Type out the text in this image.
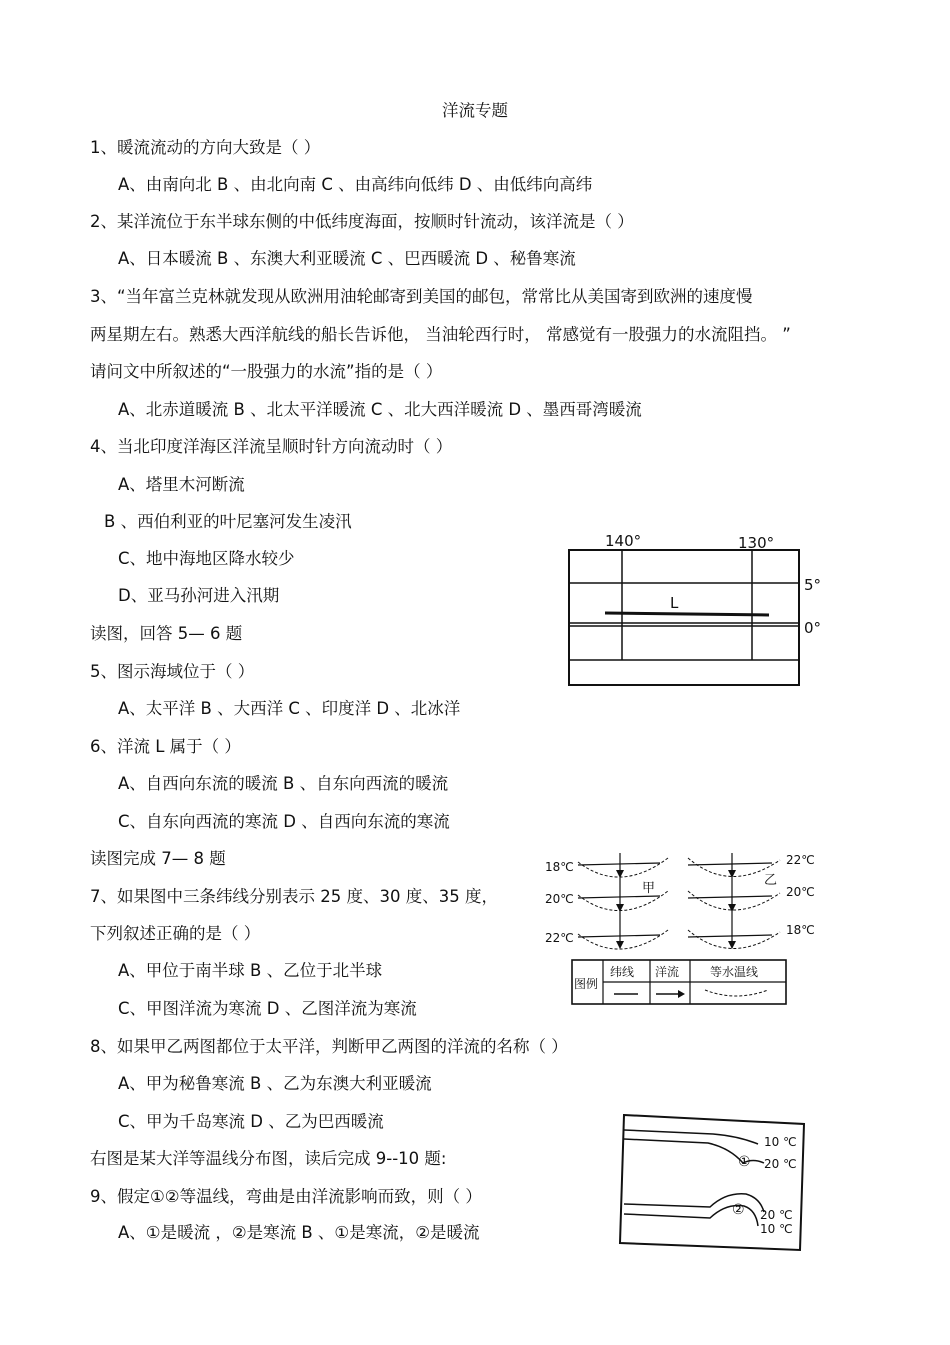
洋流专题
1、暖流流动的方向大致是（ ）
A、由南向北 B 、由北向南 C 、由高纬向低纬 D 、由低纬向高纬
2、某洋流位于东半球东侧的中低纬度海面，按顺时针流动，该洋流是（ ）
A、日本暖流 B 、东澳大利亚暖流 C 、巴西暖流 D 、秘鲁寒流
3、“当年富兰克林就发现从欧洲用油轮邮寄到美国的邮包，常常比从美国寄到欧洲的速度慢
两星期左右。熟悉大西洋航线的船长告诉他， 当油轮西行时， 常感觉有一股强力的水流阻挡。 ”
请问文中所叙述的“一股强力的水流”指的是（ ）
A、北赤道暖流 B 、北太平洋暖流 C 、北大西洋暖流 D 、墨西哥湾暖流
4、当北印度洋海区洋流呈顺时针方向流动时（ ）
A、塔里木河断流
B 、西伯利亚的叶尼塞河发生凌汛
C、地中海地区降水较少
D、亚马孙河进入汛期
读图，回答 5— 6 题
5、图示海域位于（ ）
A、太平洋 B 、大西洋 C 、印度洋 D 、北冰洋
6、洋流 L 属于（ ）
A、自西向东流的暖流 B 、自东向西流的暖流
C、自东向西流的寒流 D 、自西向东流的寒流
读图完成 7— 8 题
7、如果图中三条纬线分别表示 25 度、30 度、35 度，
下列叙述正确的是（ ）
A、甲位于南半球 B 、乙位于北半球
C、甲图洋流为寒流 D 、乙图洋流为寒流
8、如果甲乙两图都位于太平洋，判断甲乙两图的洋流的名称（ ）
A、甲为秘鲁寒流 B 、乙为东澳大利亚暖流
C、甲为千岛寒流 D 、乙为巴西暖流
右图是某大洋等温线分布图，读后完成 9--10 题:
9、假定①②等温线，弯曲是由洋流影响而致，则（ ）
A、①是暖流 ，②是寒流 B 、①是寒流，②是暖流
L
140°	130°
5°
0°
18℃
20℃
22℃
甲
乙
22℃
20℃
18℃
图例
纬线 洋流	等水温线
10 ℃
20 ℃
①
② 20 ℃
10 ℃
